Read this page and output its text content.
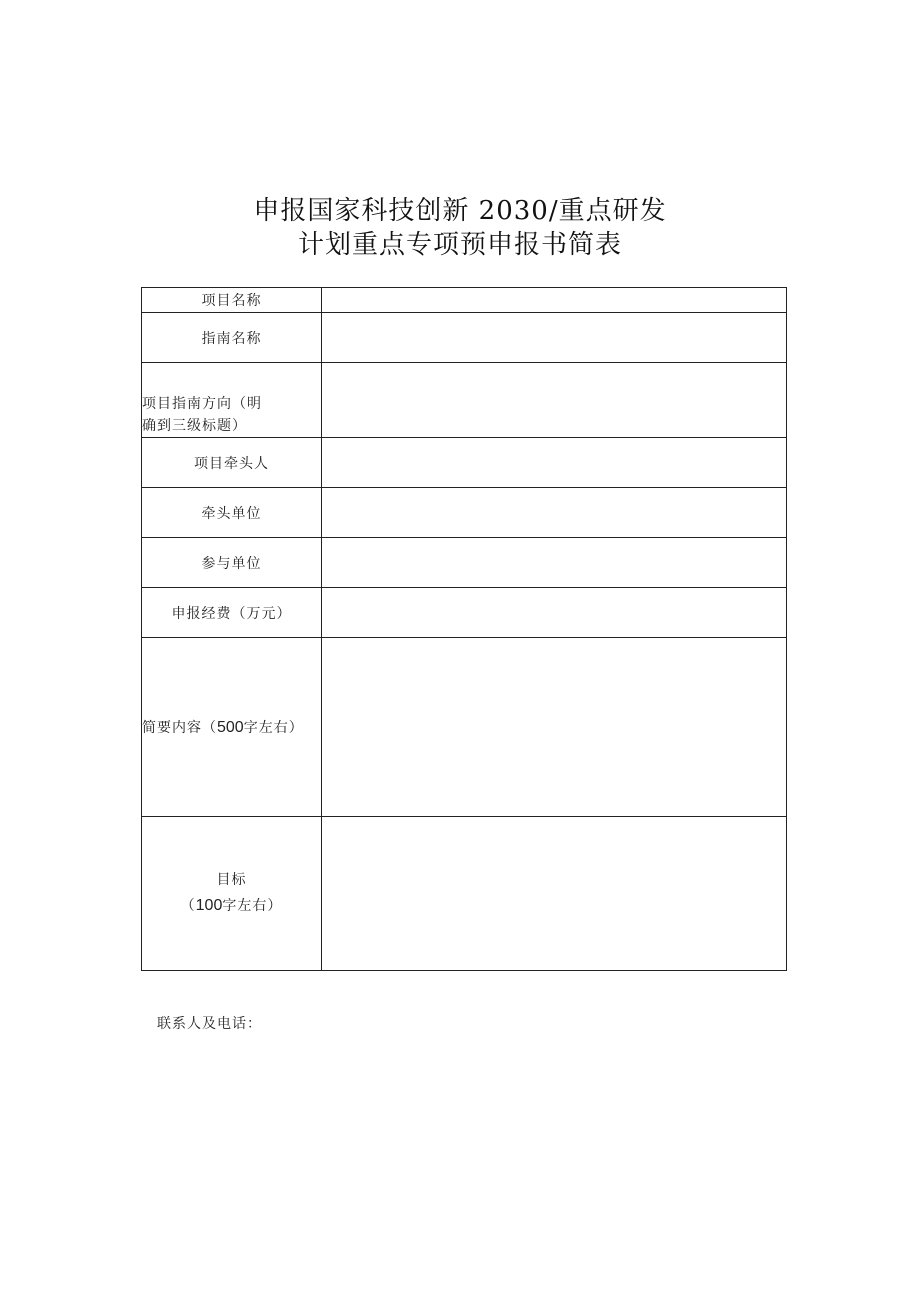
申报国家科技创新 2030/重点研发
计划重点专项预申报书简表
项目名称	
指南名称	

项目指南方向（明
确到三级标题）	

项目牵头人	
牵头单位	
参与单位	
申报经费（万元）	
简要内容（500字左右）	

目标
（100字左右）	

联系人及电话：
